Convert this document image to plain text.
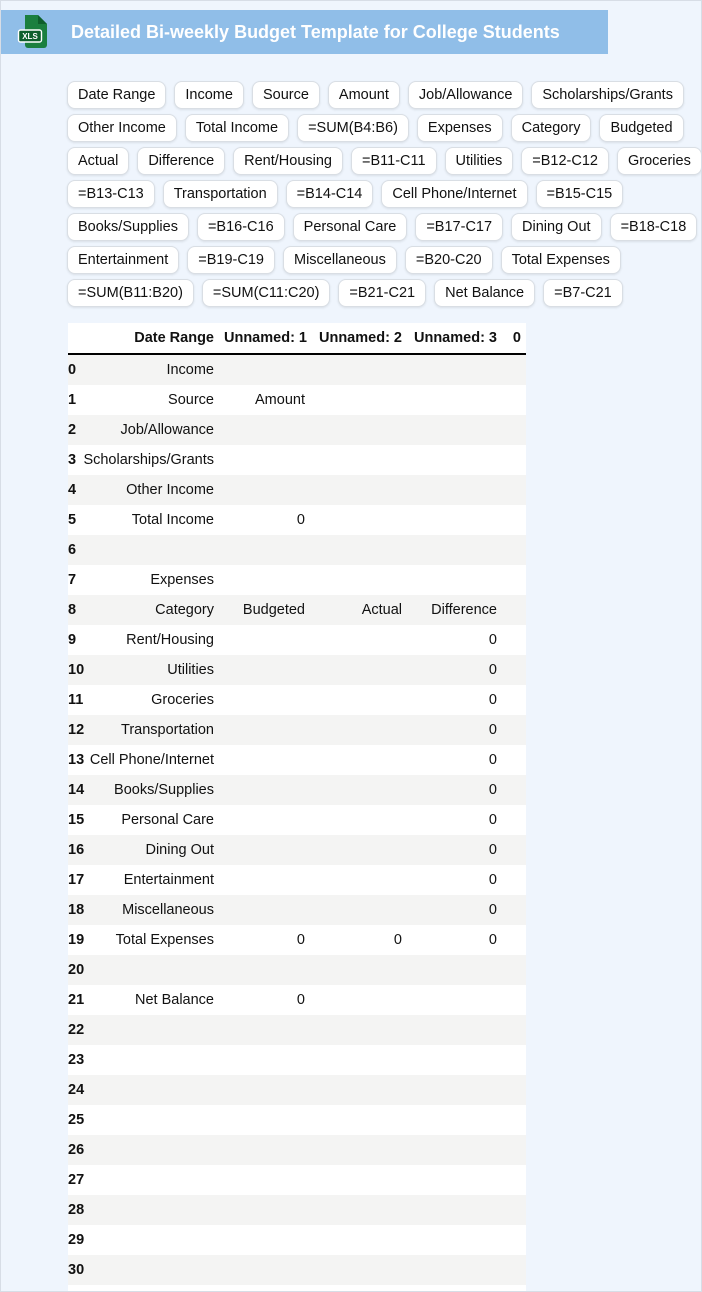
XLS Detailed Bi-weekly Budget Template for College Students
Date Range	Income	Source	Amount	Job/Allowance	Scholarships/Grants
Other Income	Total Income	=SUM(B4:B6)	Expenses	Category	Budgeted
Actual	Difference	Rent/Housing	=B11-C11	Utilities	=B12-C12	Groceries
=B13-C13	Transportation	=B14-C14	Cell Phone/Internet	=B15-C15
Books/Supplies	=B16-C16	Personal Care	=B17-C17	Dining Out	=B18-C18
Entertainment	=B19-C19	Miscellaneous	=B20-C20	Total Expenses
=SUM(B11:B20)	=SUM(C11:C20)	=B21-C21	Net Balance	=B7-C21
	Date Range	Unnamed: 1	Unnamed: 2	Unnamed: 3	0
0	Income				
1	Source	Amount			
2	Job/Allowance				
3	Scholarships/Grants				
4	Other Income				
5	Total Income	0			
6					
7	Expenses				
8	Category	Budgeted	Actual	Difference	
9	Rent/Housing			0	
10	Utilities			0	
11	Groceries			0	
12	Transportation			0	
13	Cell Phone/Internet			0	
14	Books/Supplies			0	
15	Personal Care			0	
16	Dining Out			0	
17	Entertainment			0	
18	Miscellaneous			0	
19	Total Expenses	0	0	0	
20					
21	Net Balance	0			
22					
23					
24					
25					
26					
27					
28					
29					
30					
